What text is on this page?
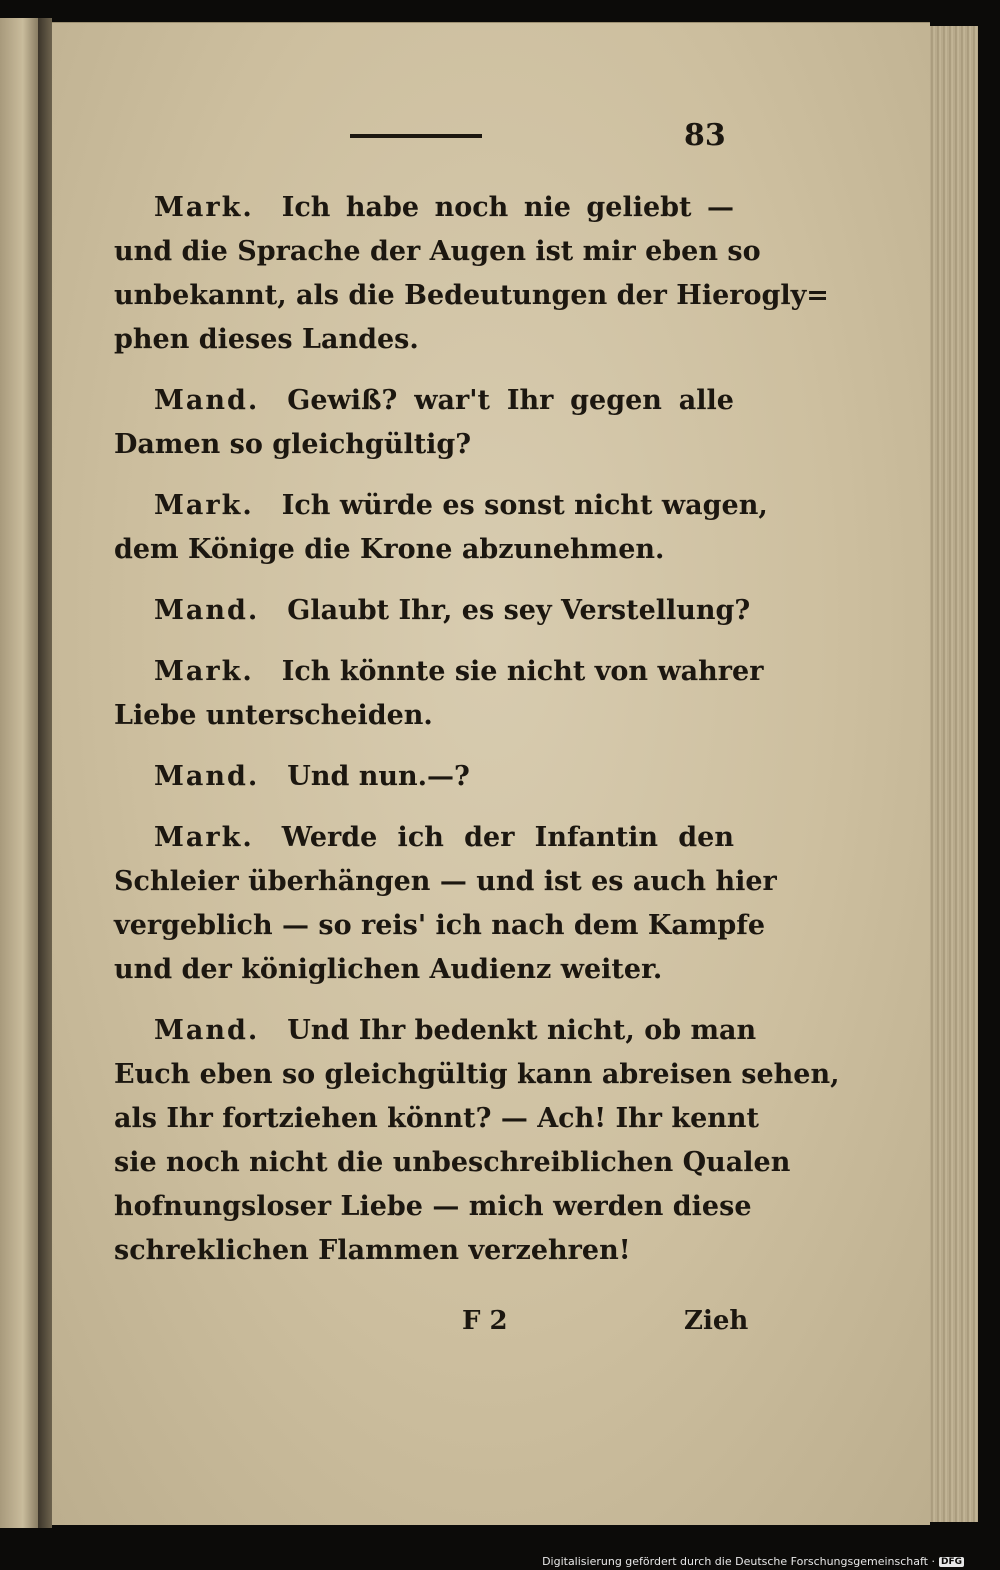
83
Mark. Ich habe noch nie geliebt —
und die Sprache der Augen ist mir eben so
unbekannt, als die Bedeutungen der Hierogly=
phen dieses Landes.
Mand. Gewiß? war't Ihr gegen alle
Damen so gleichgültig?
Mark. Ich würde es sonst nicht wagen,
dem Könige die Krone abzunehmen.
Mand. Glaubt Ihr, es sey Verstellung?
Mark. Ich könnte sie nicht von wahrer
Liebe unterscheiden.
Mand. Und nun.—?
Mark. Werde ich der Infantin den
Schleier überhängen — und ist es auch hier
vergeblich — so reis' ich nach dem Kampfe
und der königlichen Audienz weiter.
Mand. Und Ihr bedenkt nicht, ob man
Euch eben so gleichgültig kann abreisen sehen,
als Ihr fortziehen könnt? — Ach! Ihr kennt
sie noch nicht die unbeschreiblichen Qualen
hofnungsloser Liebe — mich werden diese
schreklichen Flammen verzehren!
F 2	Zieh
Digitalisierung gefördert durch die Deutsche Forschungsgemeinschaft · DFG
